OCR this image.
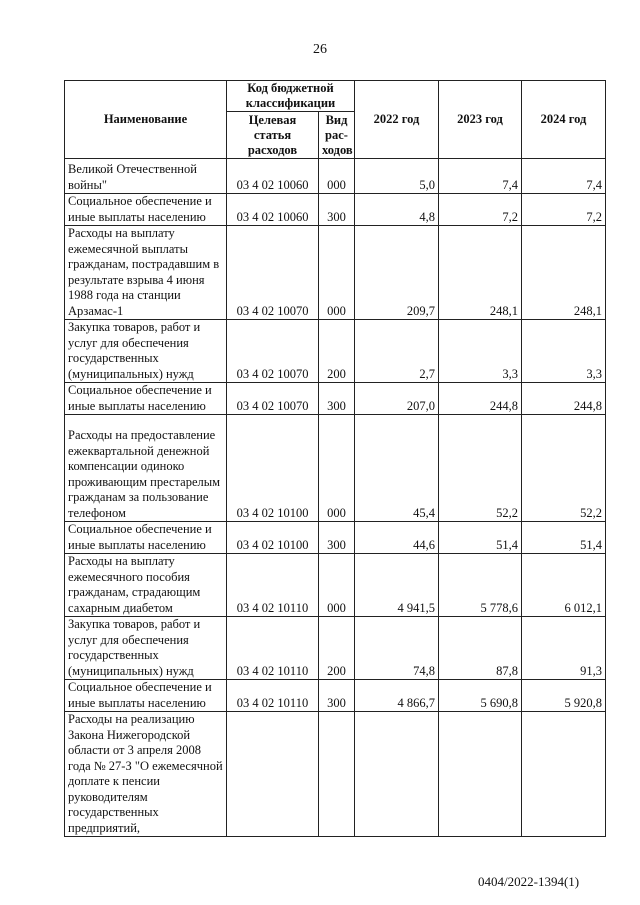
26
Наименование	Код бюджетной классификации		2022 год	2023 год	2024 год
	Целевая статья расходов	Вид рас-ходов			
Великой Отечественной войны"	03 4 02 10060	000	5,0	7,4	7,4
Социальное обеспечение и иные выплаты населению	03 4 02 10060	300	4,8	7,2	7,2
Расходы на выплату ежемесячной выплаты гражданам, пострадавшим в результате взрыва 4 июня 1988 года на станции Арзамас-1	03 4 02 10070	000	209,7	248,1	248,1
Закупка товаров, работ и услуг для обеспечения государственных (муниципальных) нужд	03 4 02 10070	200	2,7	3,3	3,3
Социальное обеспечение и иные выплаты населению	03 4 02 10070	300	207,0	244,8	244,8
Расходы на предоставление ежеквартальной денежной компенсации одиноко проживающим престарелым гражданам за пользование телефоном	03 4 02 10100	000	45,4	52,2	52,2
Социальное обеспечение и иные выплаты населению	03 4 02 10100	300	44,6	51,4	51,4
Расходы на выплату ежемесячного пособия гражданам, страдающим сахарным диабетом	03 4 02 10110	000	4 941,5	5 778,6	6 012,1
Закупка товаров, работ и услуг для обеспечения государственных (муниципальных) нужд	03 4 02 10110	200	74,8	87,8	91,3
Социальное обеспечение и иные выплаты населению	03 4 02 10110	300	4 866,7	5 690,8	5 920,8
Расходы на реализацию Закона Нижегородской области от 3 апреля 2008 года № 27-З "О ежемесячной доплате к пенсии руководителям государственных предприятий,					
0404/2022-1394(1)
